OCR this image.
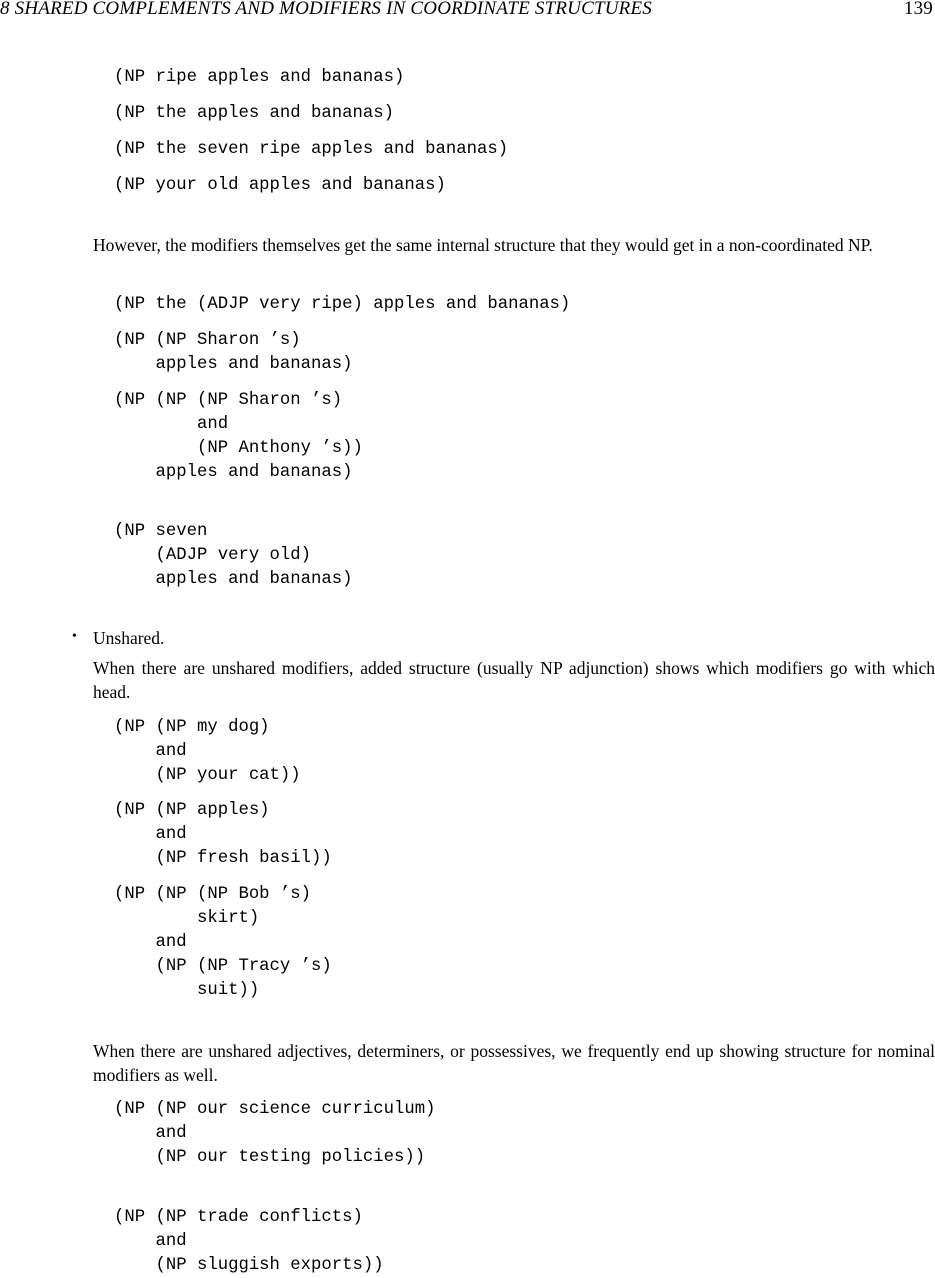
8 SHARED COMPLEMENTS AND MODIFIERS IN COORDINATE STRUCTURES	139
(NP ripe apples and bananas)
(NP the apples and bananas)
(NP the seven ripe apples and bananas)
(NP your old apples and bananas)

However, the modifiers themselves get the same internal structure that they would get in a non-coordinated NP.

(NP the (ADJP very ripe) apples and bananas)
(NP (NP Sharon ’s)
apples and bananas)
(NP (NP (NP Sharon ’s)
and
(NP Anthony ’s))
apples and bananas)
(NP seven
(ADJP very old)
apples and bananas)
• Unshared.

When there are unshared modifiers, added structure (usually NP adjunction) shows which modifiers go with which head.

(NP (NP my dog)
and
(NP your cat))
(NP (NP apples)
and
(NP fresh basil))
(NP (NP (NP Bob ’s)
skirt)
and
(NP (NP Tracy ’s)
suit))

When there are unshared adjectives, determiners, or possessives, we frequently end up showing structure for nominal modifiers as well.

(NP (NP our science curriculum)
and
(NP our testing policies))
(NP (NP trade conflicts)
and
(NP sluggish exports))
